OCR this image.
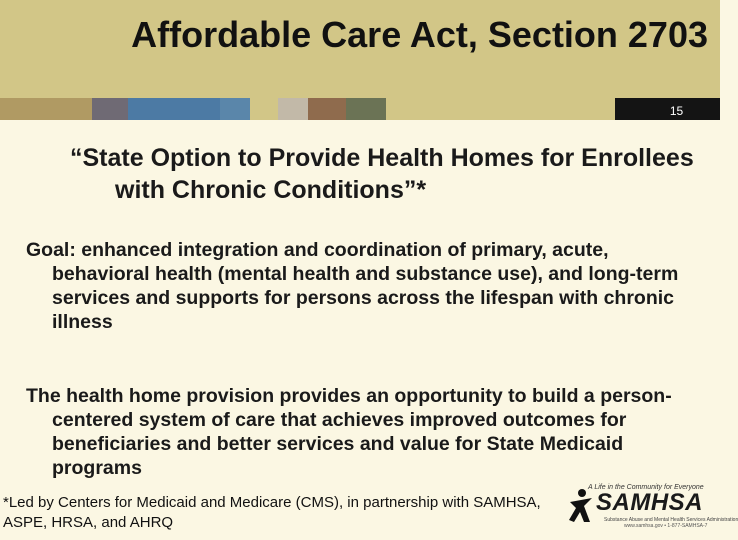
Affordable Care Act, Section 2703
15
“State Option to Provide Health Homes for Enrollees with Chronic Conditions”*
Goal: enhanced integration and coordination of primary, acute, behavioral health (mental health and substance use), and long-term services and supports for persons across the lifespan with chronic illness
The health home provision provides an opportunity to build a person-centered system of care that achieves improved outcomes for beneficiaries and better services and value for State Medicaid programs
*Led by Centers for Medicaid and Medicare (CMS), in partnership with SAMHSA, ASPE, HRSA, and AHRQ
A Life in the Community for Everyone
SAMHSA
Substance Abuse and Mental Health Services Administration
www.samhsa.gov • 1-877-SAMHSA-7
